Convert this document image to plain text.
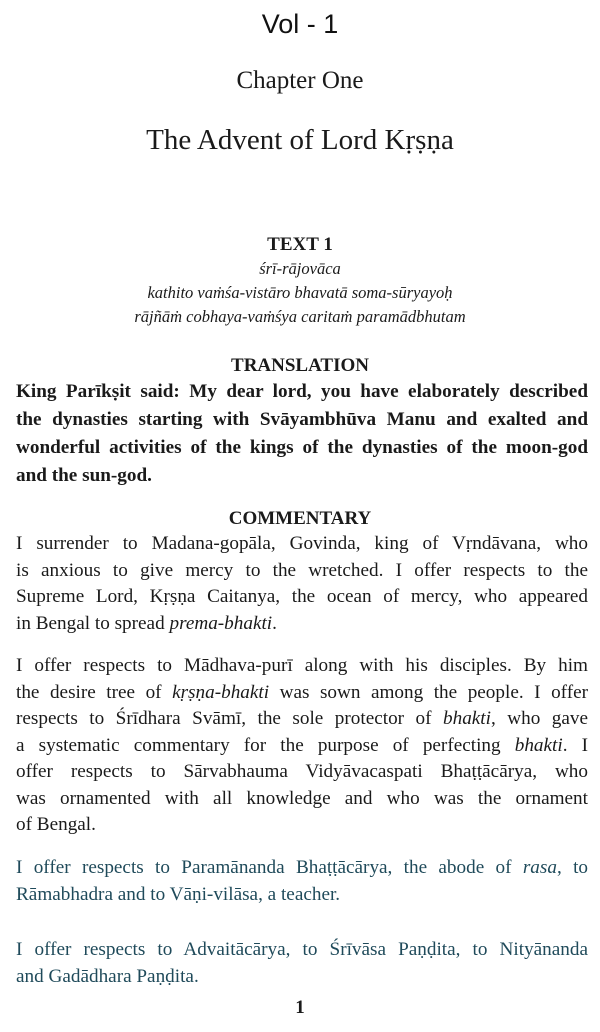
Vol - 1
Chapter One
The Advent of Lord Kṛṣṇa
TEXT 1
śrī-rājovāca
kathito vaṁśa-vistāro bhavatā soma-sūryayoḥ
rājñāṁ cobhaya-vaṁśya caritaṁ paramādbhutam
TRANSLATION
King Parīkṣit said: My dear lord, you have elaborately described
the dynasties starting with Svāyambhūva Manu and exalted and
wonderful activities of the kings of the dynasties of the moon-god
and the sun-god.
COMMENTARY
I surrender to Madana-gopāla, Govinda, king of Vṛndāvana, who
is anxious to give mercy to the wretched. I offer respects to the
Supreme Lord, Kṛṣṇa Caitanya, the ocean of mercy, who appeared
in Bengal to spread prema-bhakti.
I offer respects to Mādhava-purī along with his disciples. By him
the desire tree of kṛṣṇa-bhakti was sown among the people. I offer
respects to Śrīdhara Svāmī, the sole protector of bhakti, who gave
a systematic commentary for the purpose of perfecting bhakti. I
offer respects to Sārvabhauma Vidyāvacaspati Bhaṭṭācārya, who
was ornamented with all knowledge and who was the ornament
of Bengal.
I offer respects to Paramānanda Bhaṭṭācārya, the abode of rasa, to
Rāmabhadra and to Vāṇi-vilāsa, a teacher.
I offer respects to Advaitācārya, to Śrīvāsa Paṇḍita, to Nityānanda
and Gadādhara Paṇḍita.
1
